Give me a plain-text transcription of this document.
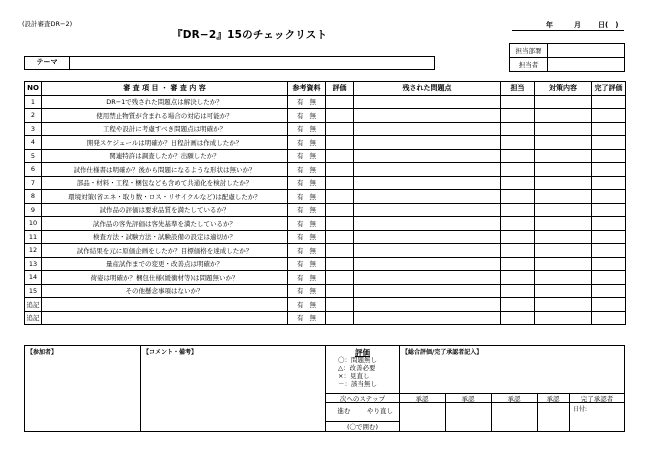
(設計審査DR−2)
『DR−2』15のチェックリスト
年	月 日(　)
担当部署	
担当者	
テーマ
NO	審 査 項 目 ・ 審 査 内 容	参考資料	評価	残された問題点	担当	対策内容	完了評価
1	DR−1で残された問題点は解決したか？	有 無					
2	使用禁止物質が含まれる場合の対応は可能か？	有 無					
3	工程や設計に考慮すべき問題点は明確か？	有 無					
4	開発スケジュールは明確か？日程計画は作成したか？	有 無					
5	関連特許は調査したか？出願したか？	有 無					
6	試作仕様書は明確か？後から問題になるような形状は無いか？	有 無					
7	部品・材料・工程・梱包なども含めて共通化を検討したか？	有 無					
8	環境対策(省エネ・取り数・ロス・リサイクルなど)は配慮したか？	有 無					
9	試作品の評価は要求品質を満たしているか？	有 無					
10	試作品の客先評価は客先基準を満たしているか？	有 無					
11	検査方法・試験方法・試験設備の設定は適切か？	有 無					
12	試作結果を元に原価企画をしたか？目標価格を達成したか？	有 無					
13	量産試作までの変更・改善点は明確か？	有 無					
14	荷姿は明確か？梱包仕様(緩衝材等)は問題無いか？	有 無					
15	その他懸念事項はないか？	有 無					
追記		有 無					
追記		有 無					
【参加者】	【コメント・備考】	評価
〇：問題無し
△：改善必要
×：見直し
－：該当無し
【総合評価/完了承認者記入】
次へのステップ
進む	やり直し
(〇で囲む)
承認	承認	承認	承認	完了承認者
日付:
